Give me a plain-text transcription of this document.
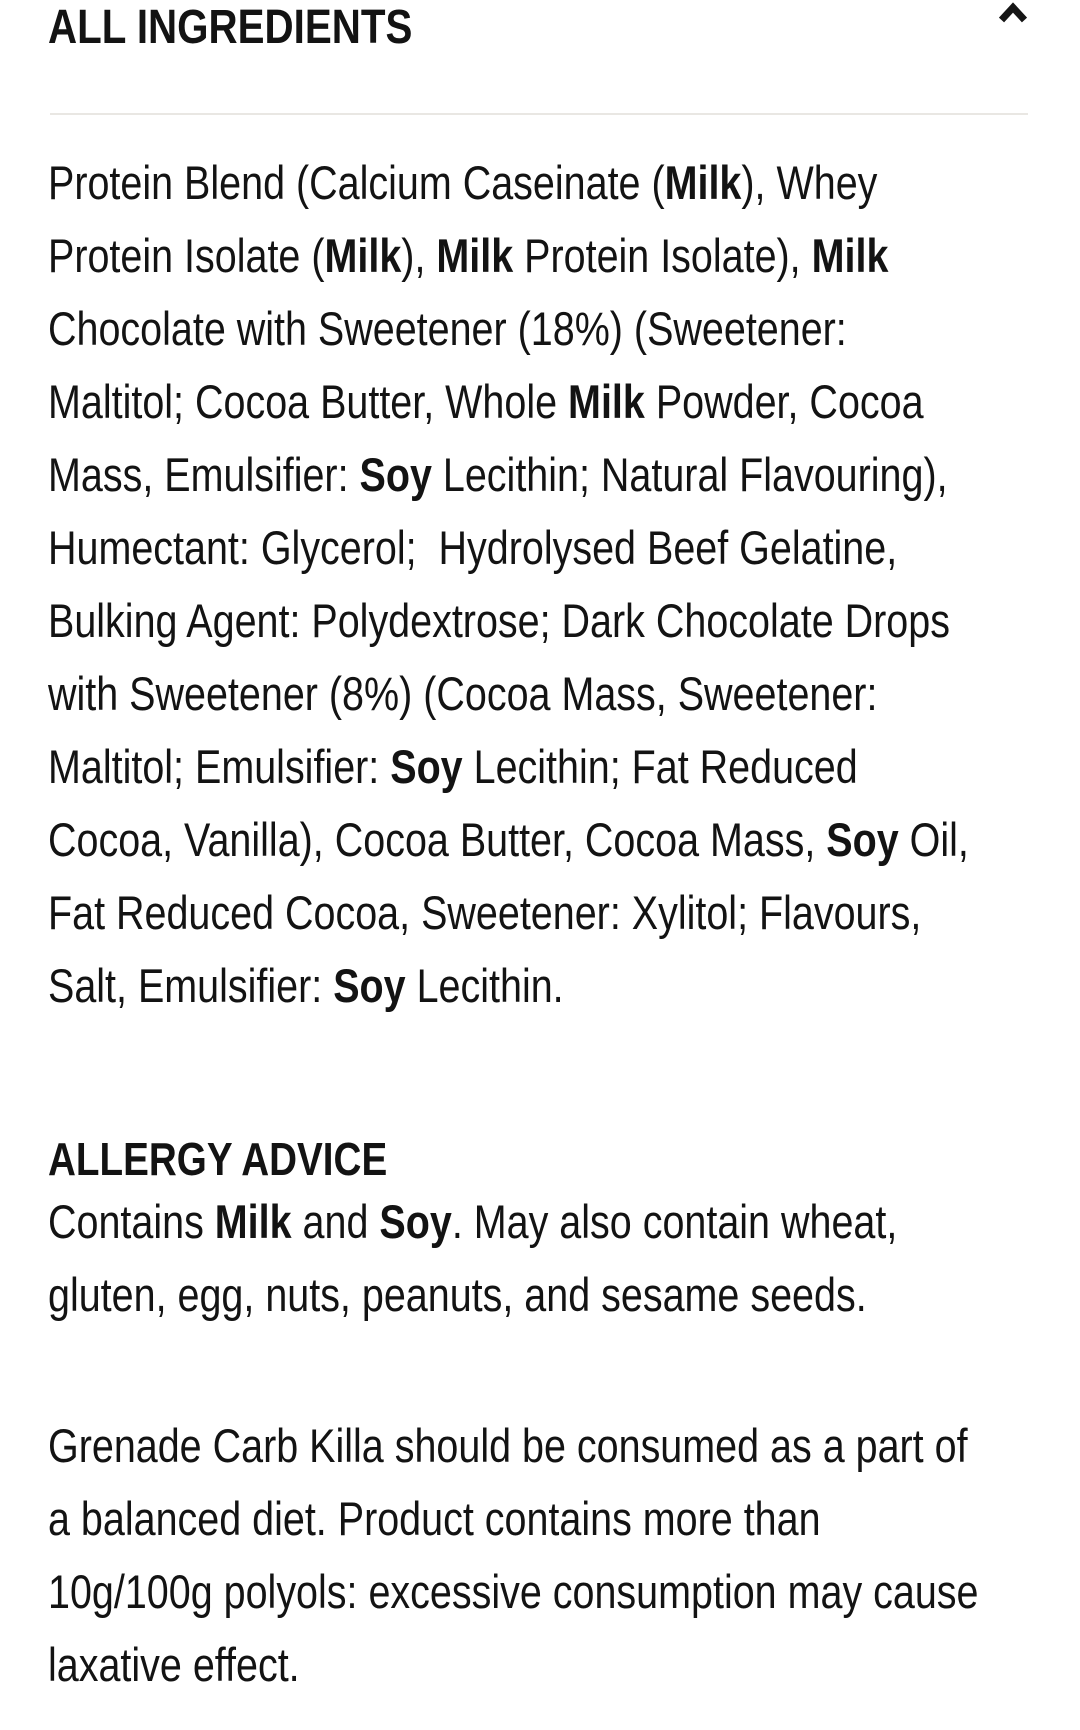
ALL INGREDIENTS
Protein Blend (Calcium Caseinate (Milk), Whey
Protein Isolate (Milk), Milk Protein Isolate), Milk
Chocolate with Sweetener (18%) (Sweetener:
Maltitol; Cocoa Butter, Whole Milk Powder, Cocoa
Mass, Emulsifier: Soy Lecithin; Natural Flavouring),
Humectant: Glycerol;  Hydrolysed Beef Gelatine,
Bulking Agent: Polydextrose; Dark Chocolate Drops
with Sweetener (8%) (Cocoa Mass, Sweetener:
Maltitol; Emulsifier: Soy Lecithin; Fat Reduced
Cocoa, Vanilla), Cocoa Butter, Cocoa Mass, Soy Oil,
Fat Reduced Cocoa, Sweetener: Xylitol; Flavours,
Salt, Emulsifier: Soy Lecithin.
ALLERGY ADVICE
Contains Milk and Soy. May also contain wheat,
gluten, egg, nuts, peanuts, and sesame seeds.
Grenade Carb Killa should be consumed as a part of
a balanced diet. Product contains more than
10g/100g polyols: excessive consumption may cause
laxative effect.
